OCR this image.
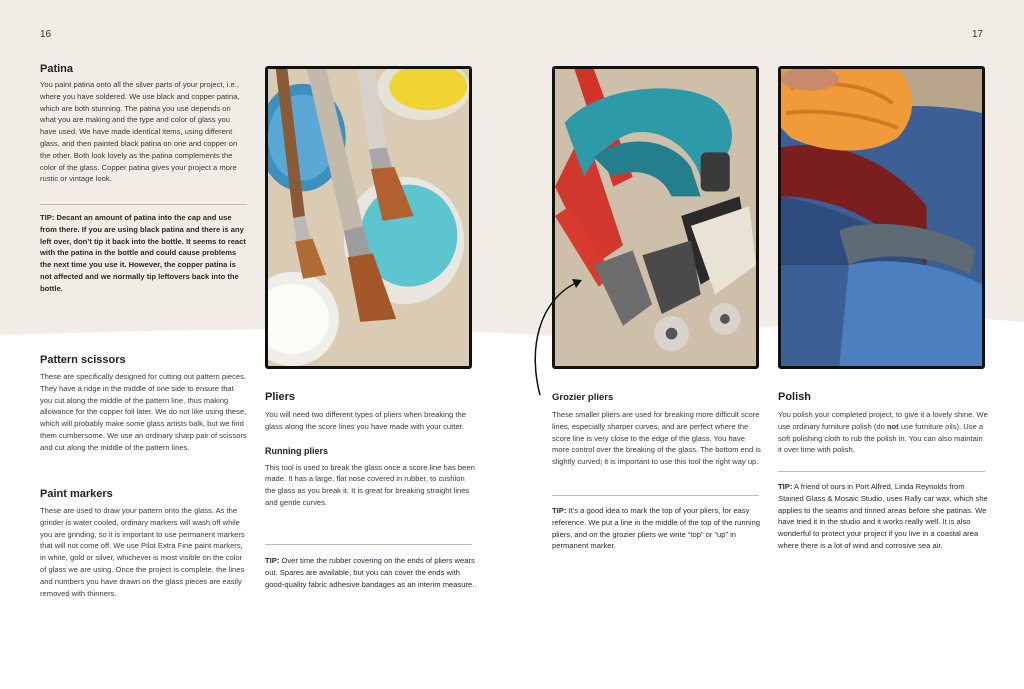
16	17
Patina

You paint patina onto all the silver parts of your project, i.e., where you have soldered. We use black and copper patina, which are both stunning. The patina you use depends on what you are making and the type and color of glass you have used. We have made identical items, using different glass, and then painted black patina on one and copper on the other. Both look lovely as the patina complements the color of the glass. Copper patina gives your project a more rustic or vintage look.

TIP: Decant an amount of patina into the cap and use from there. If you are using black patina and there is any left over, don’t tip it back into the bottle. It seems to react with the patina in the bottle and could cause problems the next time you use it. However, the copper patina is not affected and we normally tip leftovers back into the bottle.

Pattern scissors

These are specifically designed for cutting out pattern pieces. They have a ridge in the middle of one side to ensure that you cut along the middle of the pattern line, thus making allowance for the copper foil later. We do not like using these, which will probably make some glass artists balk, but we find them cumbersome. We use an ordinary sharp pair of scissors and cut along the middle of the pattern lines.

Paint markers

These are used to draw your pattern onto the glass. As the grinder is water cooled, ordinary markers will wash off while you are grinding, so it is important to use permanent markers that will not come off. We use Pilot Extra Fine paint markers, in white, gold or silver, whichever is most visible on the color of glass we are using. Once the project is complete, the lines and numbers you have drawn on the glass pieces are easily removed with thinners.

Pliers

You will need two different types of pliers when breaking the glass along the score lines you have made with your cutter.

Running pliers

This tool is used to break the glass once a score line has been made. It has a large, flat nose covered in rubber, to cushion the glass as you break it. It is great for breaking straight lines and gentle curves.

TIP: Over time the rubber covering on the ends of pliers wears out. Spares are available, but you can cover the ends with good-quality fabric adhesive bandages as an interim measure.

Grozier pliers

These smaller pliers are used for breaking more difficult score lines, especially sharper curves, and are perfect where the score line is very close to the edge of the glass. You have more control over the breaking of the glass. The bottom end is slightly curved; it is important to use this tool the right way up.

TIP: It’s a good idea to mark the top of your pliers, for easy reference. We put a line in the middle of the top of the running pliers, and on the grozier pliers we write “top” or “up” in permanent marker.

Polish

You polish your completed project, to give it a lovely shine. We use ordinary furniture polish (do not use furniture oils). Use a soft polishing cloth to rub the polish in. You can also maintain it over time with polish.

TIP: A friend of ours in Port Alfred, Linda Reynolds from Stained Glass & Mosaic Studio, uses Rally car wax, which she applies to the seams and tinned areas before she patinas. We have tried it in the studio and it works really well. It is also wonderful to protect your project if you live in a coastal area where there is a lot of wind and corrosive sea air.
